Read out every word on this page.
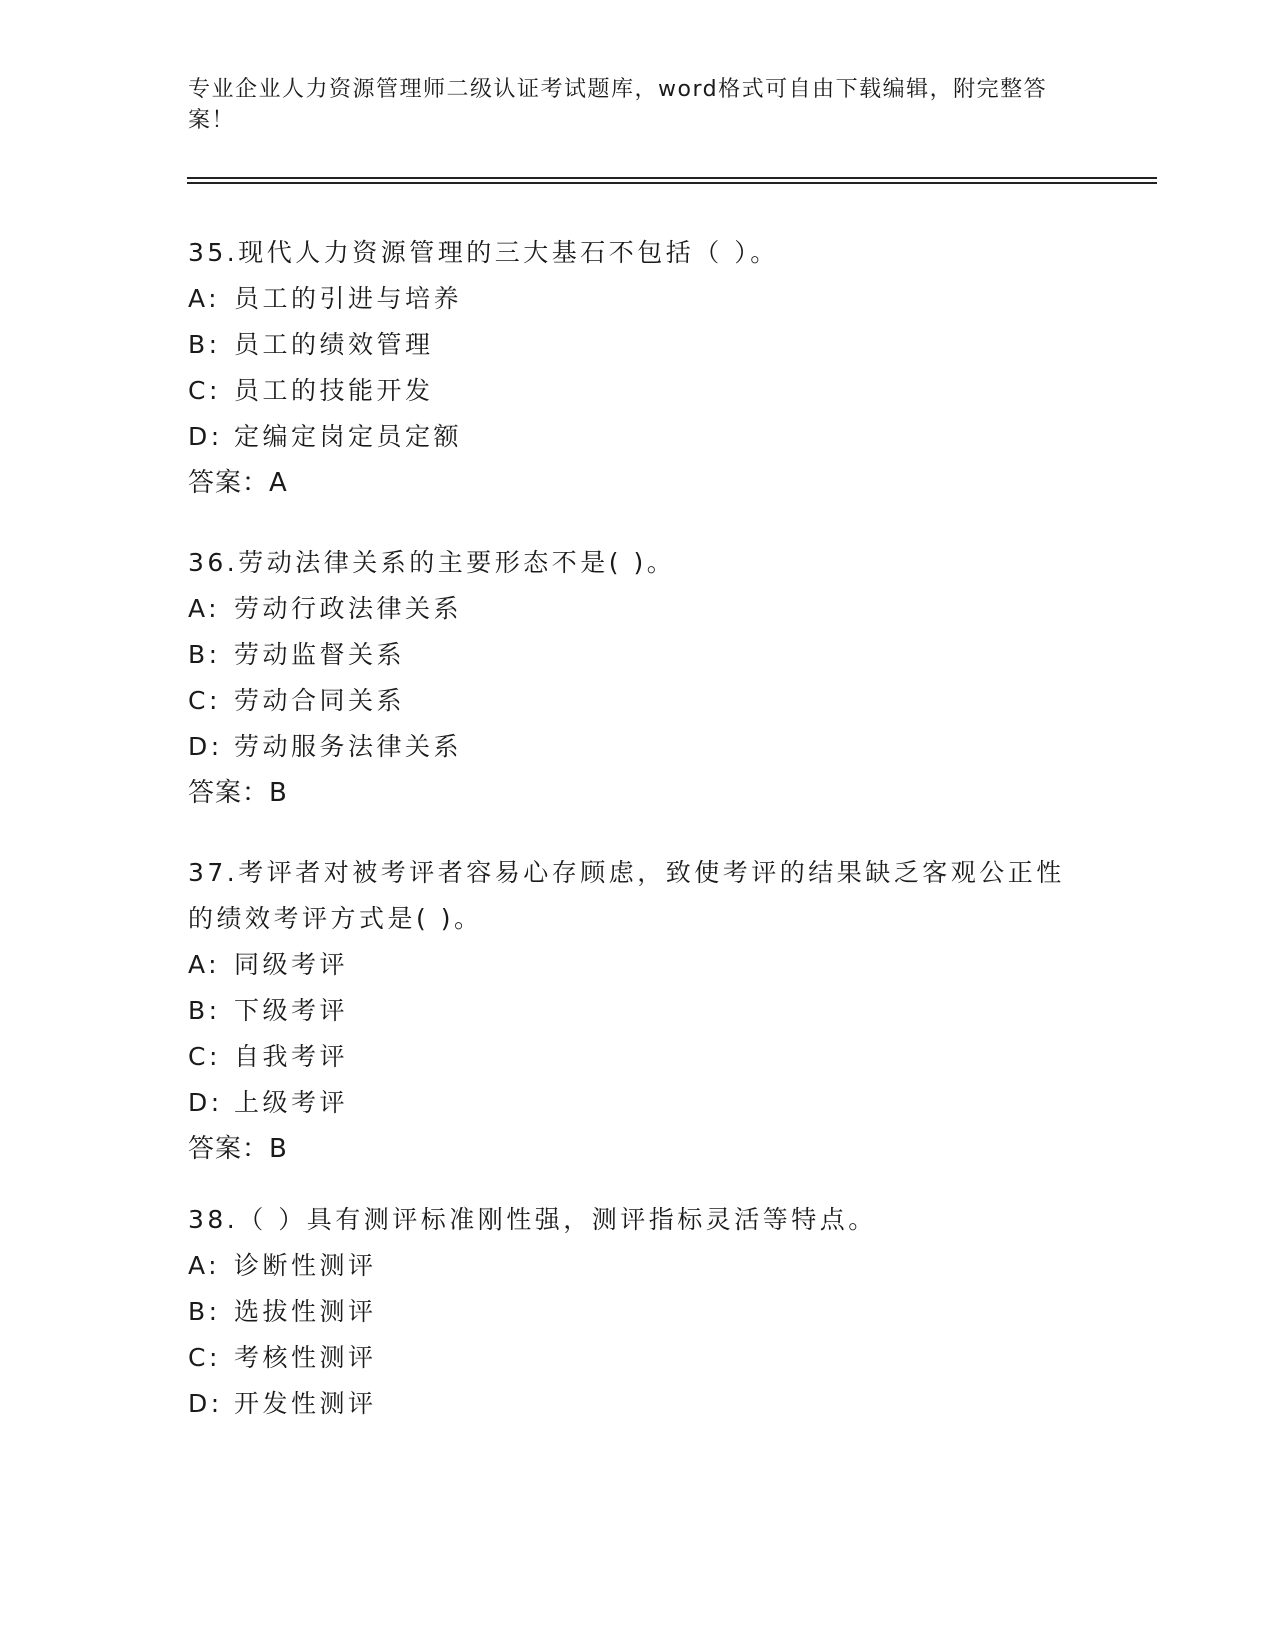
专业企业人力资源管理师二级认证考试题库，word格式可自由下载编辑，附完整答案！
35.现代人力资源管理的三大基石不包括（ ）。
A: 员工的引进与培养
B: 员工的绩效管理
C: 员工的技能开发
D: 定编定岗定员定额
答案：A
36.劳动法律关系的主要形态不是( )。
A: 劳动行政法律关系
B: 劳动监督关系
C: 劳动合同关系
D: 劳动服务法律关系
答案：B
37.考评者对被考评者容易心存顾虑，致使考评的结果缺乏客观公正性的绩效考评方式是( )。
A: 同级考评
B: 下级考评
C: 自我考评
D: 上级考评
答案：B
38.（ ）具有测评标准刚性强，测评指标灵活等特点。
A: 诊断性测评
B: 选拔性测评
C: 考核性测评
D: 开发性测评
